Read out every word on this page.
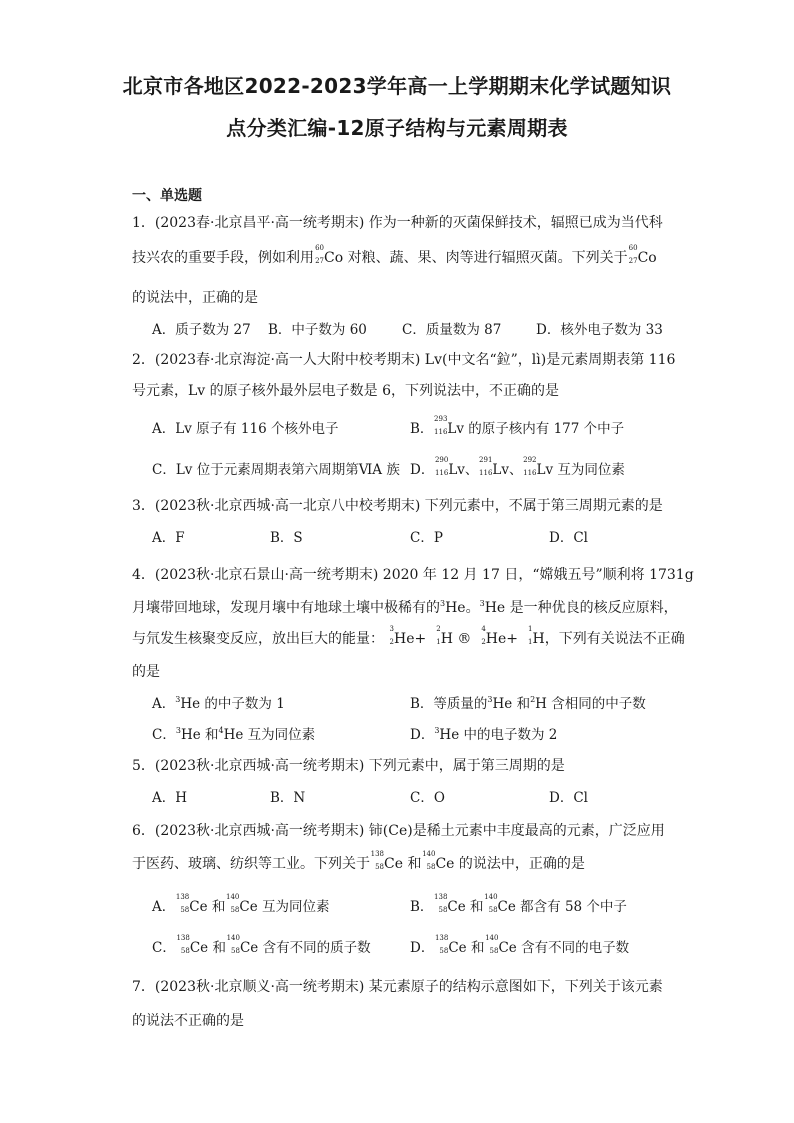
北京市各地区2022-2023学年高一上学期期末化学试题知识
点分类汇编-12原子结构与元素周期表
一、单选题
1．(2023春·北京昌平·高一统考期末) 作为一种新的灭菌保鲜技术，辐照已成为当代科
技兴农的重要手段，例如利用
60
27 Co 对粮、蔬、果、肉等进行辐照灭菌。下列关于
60
27 Co
的说法中，正确的是
A．质子数为 27 B．中子数为 60	C．质量数为 87	D．核外电子数为 33
2．(2023春·北京海淀·高一人大附中校考期末) Lv(中文名“鉝”，lì)是元素周期表第 116
号元素，Lv 的原子核外最外层电子数是 6，下列说法中，不正确的是
A．Lv 原子有 116 个核外电子	B．
293
116 Lv 的原子核内有 177 个中子
C．Lv 位于元素周期表第六周期第ⅥA 族 D．
290
116 Lv、
291
116 Lv、
292
116 Lv 互为同位素
3．(2023秋·北京西城·高一北京八中校考期末) 下列元素中，不属于第三周期元素的是
A．F	B．S	C．P	D．Cl
4．(2023秋·北京石景山·高一统考期末) 2020 年 12 月 17 日，“嫦娥五号”顺利将 1731g
月壤带回地球，发现月壤中有地球土壤中极稀有的$^3$He。$^3$He 是一种优良的核反应原料，
与氘发生核聚变反应，放出巨大的能量：
3
2 He+
2
1 H ®
4
2 He+
1
1 H，下列有关说法不正确
的是
A．$^3$He 的中子数为 1	B．等质量的$^3$He 和$^2$H 含相同的中子数
C．$^3$He 和$^4$He 互为同位素	D．$^3$He 中的电子数为 2
5．(2023秋·北京西城·高一统考期末) 下列元素中，属于第三周期的是
A．H	B．N	C．O	D．Cl
6．(2023秋·北京西城·高一统考期末) 铈(Ce)是稀土元素中丰度最高的元素，广泛应用
于医药、玻璃、纺织等工业。下列关于
138
58 Ce 和
140
58 Ce 的说法中，正确的是
A．
138
58 Ce 和
140
58 Ce 互为同位素	B．
138
58 Ce 和
140
58 Ce 都含有 58 个中子
C．
138
58 Ce 和
140
58 Ce 含有不同的质子数	D．
138
58 Ce 和
140
58 Ce 含有不同的电子数
7．(2023秋·北京顺义·高一统考期末) 某元素原子的结构示意图如下，下列关于该元素
的说法不正确的是
